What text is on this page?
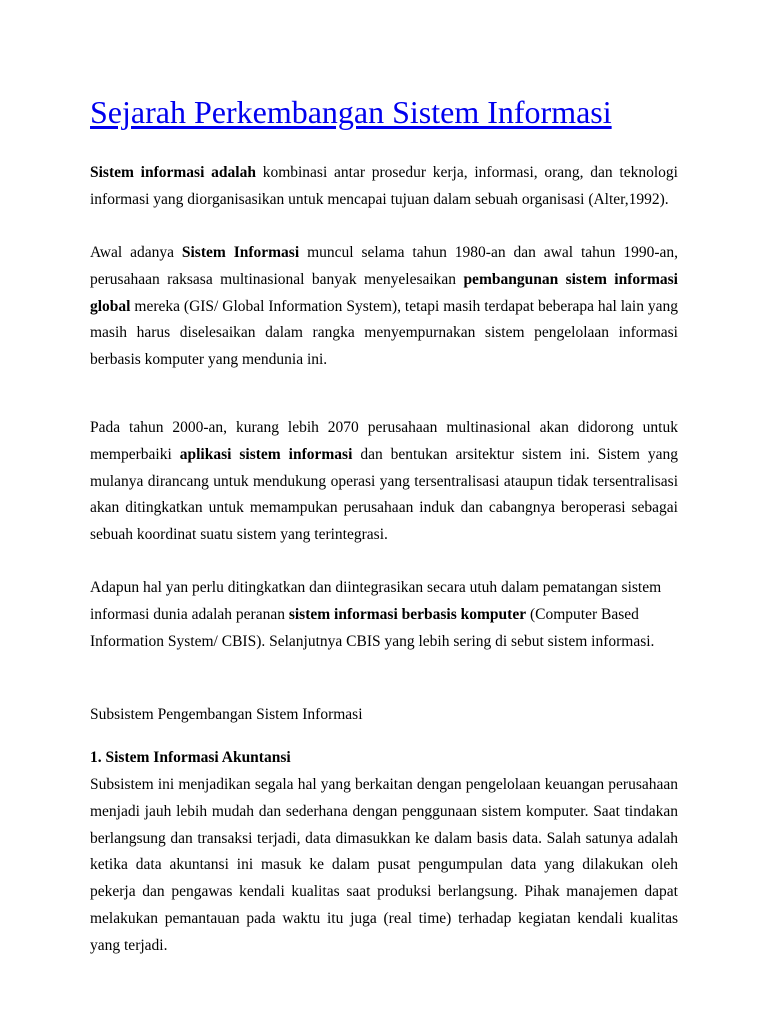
Sejarah Perkembangan Sistem Informasi

Sistem informasi adalah kombinasi antar prosedur kerja, informasi, orang, dan teknologi informasi yang diorganisasikan untuk mencapai tujuan dalam sebuah organisasi (Alter,1992).

Awal adanya Sistem Informasi muncul selama tahun 1980-an dan awal tahun 1990-an, perusahaan raksasa multinasional banyak menyelesaikan pembangunan sistem informasi global mereka (GIS/ Global Information System), tetapi masih terdapat beberapa hal lain yang masih harus diselesaikan dalam rangka menyempurnakan sistem pengelolaan informasi berbasis komputer yang mendunia ini.

Pada tahun 2000-an, kurang lebih 2070 perusahaan multinasional akan didorong untuk memperbaiki aplikasi sistem informasi dan bentukan arsitektur sistem ini. Sistem yang mulanya dirancang untuk mendukung operasi yang tersentralisasi ataupun tidak tersentralisasi akan ditingkatkan untuk memampukan perusahaan induk dan cabangnya beroperasi sebagai sebuah koordinat suatu sistem yang terintegrasi.

Adapun hal yan perlu ditingkatkan dan diintegrasikan secara utuh dalam pematangan sistem informasi dunia adalah peranan sistem informasi berbasis komputer (Computer Based Information System/ CBIS). Selanjutnya CBIS yang lebih sering di sebut sistem informasi.

Subsistem Pengembangan Sistem Informasi

1. Sistem Informasi Akuntansi

Subsistem ini menjadikan segala hal yang berkaitan dengan pengelolaan keuangan perusahaan menjadi jauh lebih mudah dan sederhana dengan penggunaan sistem komputer. Saat tindakan berlangsung dan transaksi terjadi, data dimasukkan ke dalam basis data. Salah satunya adalah ketika data akuntansi ini masuk ke dalam pusat pengumpulan data yang dilakukan oleh pekerja dan pengawas kendali kualitas saat produksi berlangsung. Pihak manajemen dapat melakukan pemantauan pada waktu itu juga (real time) terhadap kegiatan kendali kualitas yang terjadi.
